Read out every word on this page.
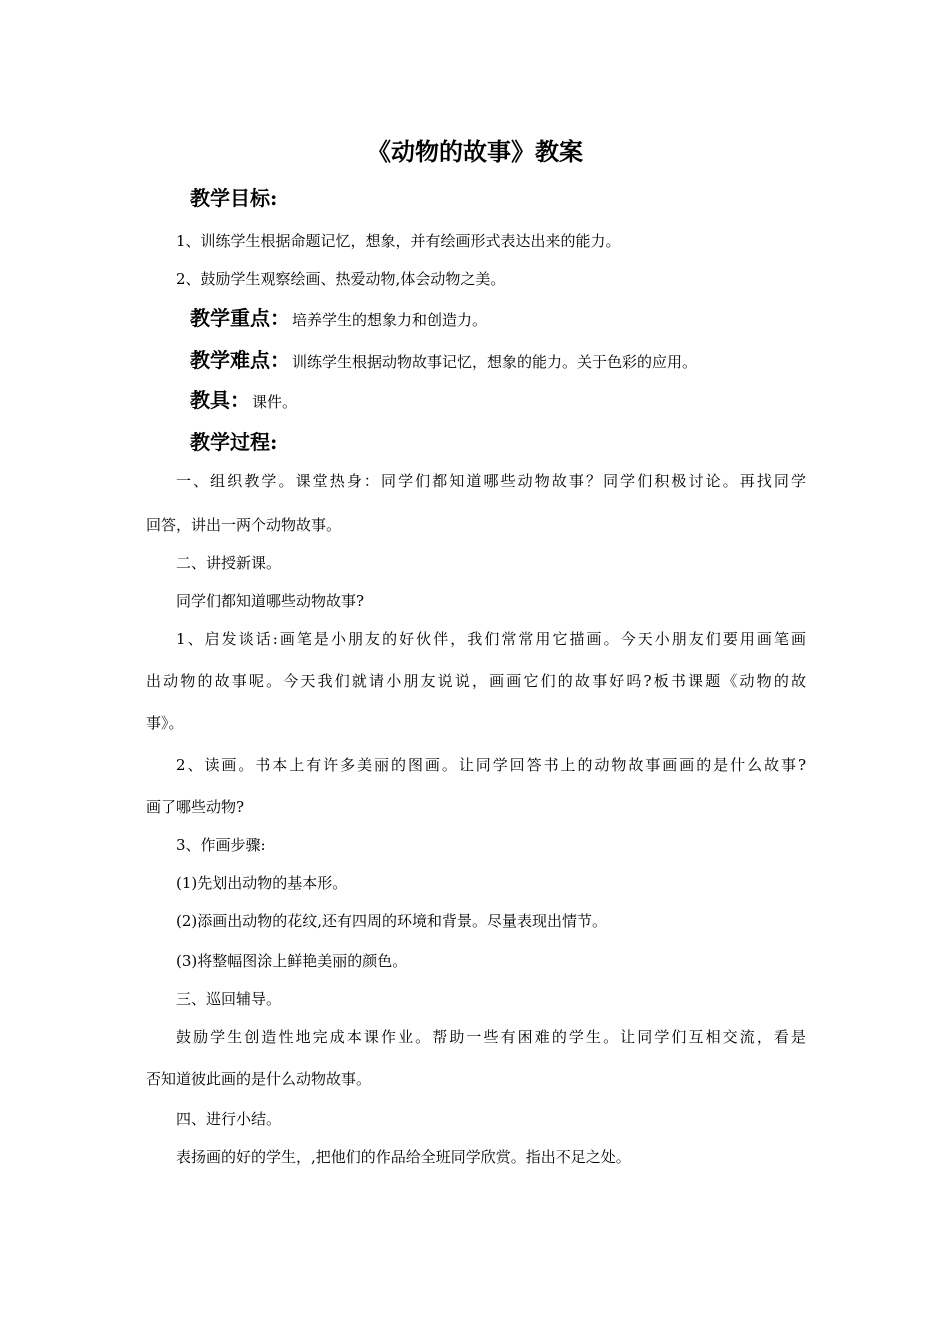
《动物的故事》教案
教学目标:
1、训练学生根据命题记忆，想象，并有绘画形式表达出来的能力。
2、鼓励学生观察绘画、热爱动物,体会动物之美。
教学重点： 培养学生的想象力和创造力。
教学难点： 训练学生根据动物故事记忆，想象的能力。关于色彩的应用。
教具： 课件。
教学过程:
一、组织教学。课堂热身：同学们都知道哪些动物故事？同学们积极讨论。再找同学
回答，讲出一两个动物故事。
二、讲授新课。
同学们都知道哪些动物故事?
1、启发谈话:画笔是小朋友的好伙伴，我们常常用它描画。今天小朋友们要用画笔画
出动物的故事呢。今天我们就请小朋友说说，画画它们的故事好吗?板书课题《动物的故
事》。
2、读画。书本上有许多美丽的图画。让同学回答书上的动物故事画画的是什么故事?
画了哪些动物?
3、作画步骤:
(1)先划出动物的基本形。
(2)添画出动物的花纹,还有四周的环境和背景。尽量表现出情节。
(3)将整幅图涂上鲜艳美丽的颜色。
三、巡回辅导。
鼓励学生创造性地完成本课作业。帮助一些有困难的学生。让同学们互相交流，看是
否知道彼此画的是什么动物故事。
四、进行小结。
表扬画的好的学生，,把他们的作品给全班同学欣赏。指出不足之处。
